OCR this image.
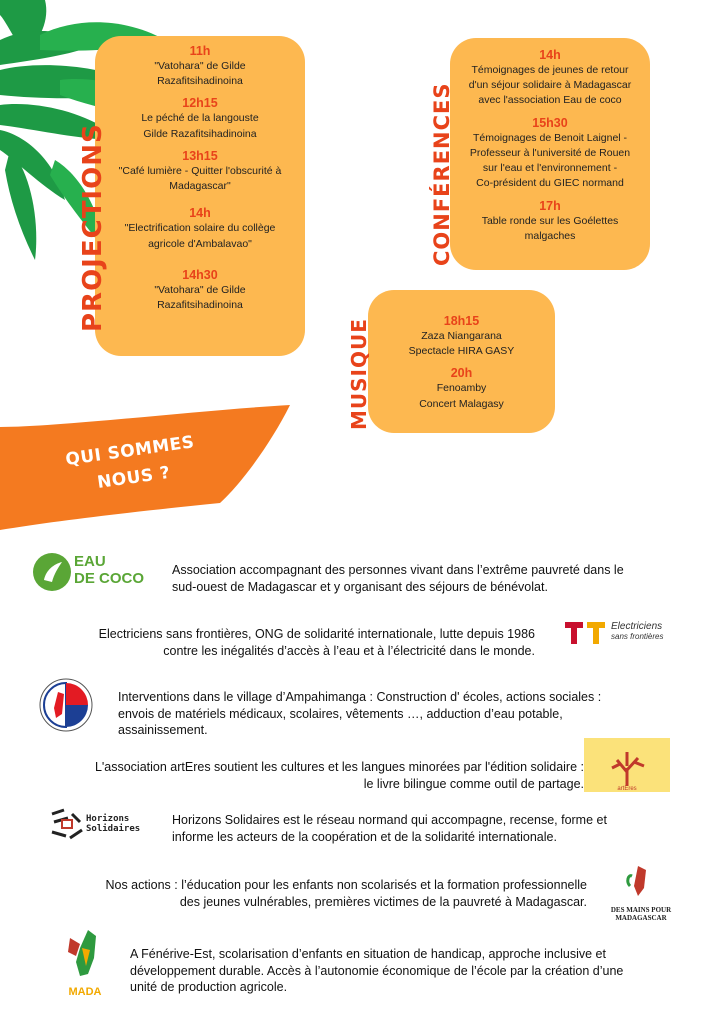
11h
"Vatohara" de Gilde
Razafitsihadinoina
12h15
Le péché de la langouste
Gilde Razafitsihadinoina
13h15
"Café lumière - Quitter l'obscurité à
Madagascar"
14h
"Electrification solaire du collège
agricole d'Ambalavao"
14h30
"Vatohara" de Gilde
Razafitsihadinoina
PROJECTIONS
14h
Témoignages de jeunes de retour
d'un séjour solidaire à Madagascar
avec l'association Eau de coco
15h30
Témoignages de Benoit Laignel -
Professeur à l'université de Rouen
sur l'eau et l'environnement -
Co-président du GIEC normand
17h
Table ronde sur les Goélettes
malgaches
CONFÉRENCES
18h15
Zaza Niangarana
Spectacle HIRA GASY
20h
Fenoamby
Concert Malagasy
MUSIQUE
QUI SOMMES
NOUS ?
EAU
DE COCO Association accompagnant des personnes vivant dans l’extrême pauvreté dans le
sud-ouest de Madagascar et y organisant des séjours de bénévolat.
Electriciens sans frontières, ONG de solidarité internationale, lutte depuis 1986
contre les inégalités d’accès à l’eau et à l’électricité dans le monde.
Electriciens
sans frontières
Interventions dans le village d’Ampahimanga : Construction d' écoles, actions sociales :
envois de matériels médicaux, scolaires, vêtements …, adduction d’eau potable,
assainissement.
L'association artEres soutient les cultures et les langues minorées par l'édition solidaire :
le livre bilingue comme outil de partage.	artEres
Horizons
Solidaires
Horizons Solidaires est le réseau normand qui accompagne, recense, forme et
informe les acteurs de la coopération et de la solidarité internationale.
Nos actions : l’éducation pour les enfants non scolarisés et la formation professionnelle
des jeunes vulnérables, premières victimes de la pauvreté à Madagascar.
DES MAINS POUR
MADAGASCAR
MADA
A Fénérive-Est, scolarisation d’enfants en situation de handicap, approche inclusive et
développement durable. Accès à l’autonomie économique de l’école par la création d’une
unité de production agricole.
